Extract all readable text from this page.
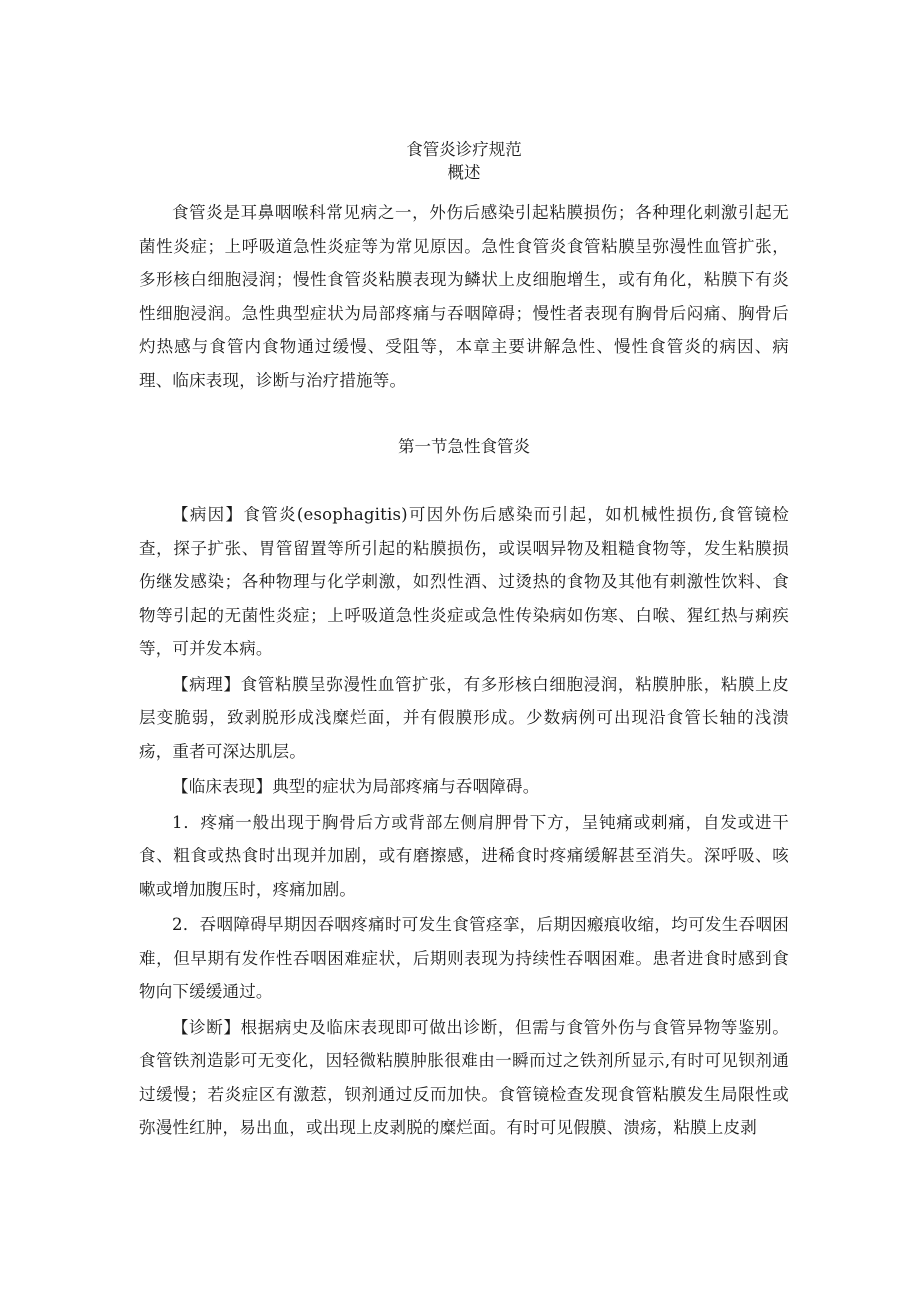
食管炎诊疗规范
概述

食管炎是耳鼻咽喉科常见病之一，外伤后感染引起粘膜损伤；各种理化刺激引起无菌性炎症；上呼吸道急性炎症等为常见原因。急性食管炎食管粘膜呈弥漫性血管扩张，多形核白细胞浸润；慢性食管炎粘膜表现为鳞状上皮细胞增生，或有角化，粘膜下有炎性细胞浸润。急性典型症状为局部疼痛与吞咽障碍；慢性者表现有胸骨后闷痛、胸骨后灼热感与食管内食物通过缓慢、受阻等，本章主要讲解急性、慢性食管炎的病因、病理、临床表现，诊断与治疗措施等。

第一节急性食管炎

【病因】食管炎(esophagitis)可因外伤后感染而引起，如机械性损伤,食管镜检查，探子扩张、胃管留置等所引起的粘膜损伤，或误咽异物及粗糙食物等，发生粘膜损伤继发感染；各种物理与化学刺激，如烈性酒、过烫热的食物及其他有刺激性饮料、食物等引起的无菌性炎症；上呼吸道急性炎症或急性传染病如伤寒、白喉、猩红热与痢疾等，可并发本病。

【病理】食管粘膜呈弥漫性血管扩张，有多形核白细胞浸润，粘膜肿胀，粘膜上皮层变脆弱，致剥脱形成浅糜烂面，并有假膜形成。少数病例可出现沿食管长轴的浅溃疡，重者可深达肌层。

【临床表现】典型的症状为局部疼痛与吞咽障碍。

1．疼痛一般出现于胸骨后方或背部左侧肩胛骨下方，呈钝痛或刺痛，自发或进干食、粗食或热食时出现并加剧，或有磨擦感，进稀食时疼痛缓解甚至消失。深呼吸、咳嗽或增加腹压时，疼痛加剧。

2．吞咽障碍早期因吞咽疼痛时可发生食管痉挛，后期因瘢痕收缩，均可发生吞咽困难，但早期有发作性吞咽困难症状，后期则表现为持续性吞咽困难。患者进食时感到食物向下缓缓通过。

【诊断】根据病史及临床表现即可做出诊断，但需与食管外伤与食管异物等鉴别。食管铁剂造影可无变化，因轻微粘膜肿胀很难由一瞬而过之铁剂所显示,有时可见钡剂通过缓慢；若炎症区有激惹，钡剂通过反而加快。食管镜检查发现食管粘膜发生局限性或弥漫性红肿，易出血，或出现上皮剥脱的糜烂面。有时可见假膜、溃疡，粘膜上皮剥
